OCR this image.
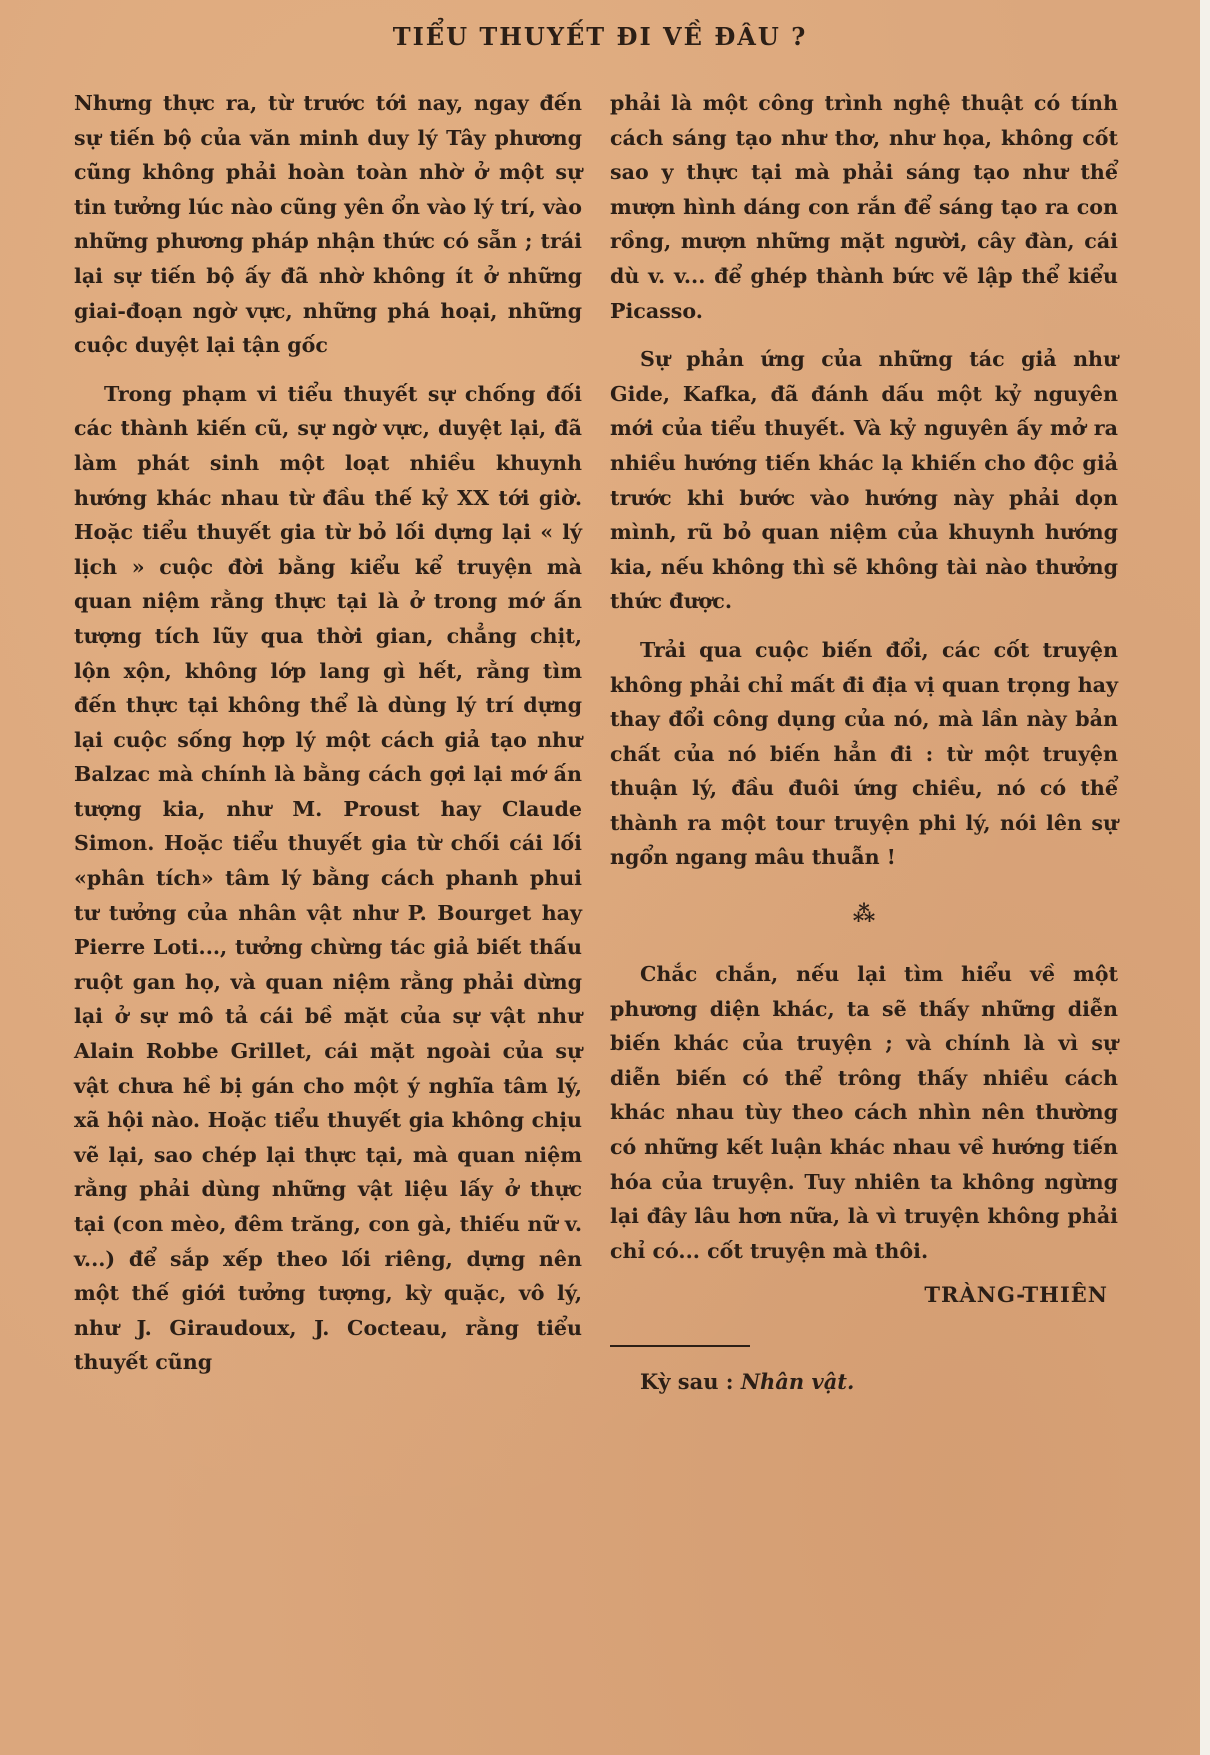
TIỂU THUYẾT ĐI VỀ ĐÂU ?

Nhưng thực ra, từ trước tới nay, ngay đến sự tiến bộ của văn minh duy lý Tây phương cũng không phải hoàn toàn nhờ ở một sự tin tưởng lúc nào cũng yên ổn vào lý trí, vào những phương pháp nhận thức có sẵn ; trái lại sự tiến bộ ấy đã nhờ không ít ở những giai-đoạn ngờ vực, những phá hoại, những cuộc duyệt lại tận gốc

Trong phạm vi tiểu thuyết sự chống đối các thành kiến cũ, sự ngờ vực, duyệt lại, đã làm phát sinh một loạt nhiều khuynh hướng khác nhau từ đầu thế kỷ XX tới giờ. Hoặc tiểu thuyết gia từ bỏ lối dựng lại « lý lịch » cuộc đời bằng kiểu kể truyện mà quan niệm rằng thực tại là ở trong mớ ấn tượng tích lũy qua thời gian, chẳng chịt, lộn xộn, không lớp lang gì hết, rằng tìm đến thực tại không thể là dùng lý trí dựng lại cuộc sống hợp lý một cách giả tạo như Balzac mà chính là bằng cách gợi lại mớ ấn tượng kia, như M. Proust hay Claude Simon. Hoặc tiểu thuyết gia từ chối cái lối «phân tích» tâm lý bằng cách phanh phui tư tưởng của nhân vật như P. Bourget hay Pierre Loti..., tưởng chừng tác giả biết thấu ruột gan họ, và quan niệm rằng phải dừng lại ở sự mô tả cái bề mặt của sự vật như Alain Robbe Grillet, cái mặt ngoài của sự vật chưa hề bị gán cho một ý nghĩa tâm lý, xã hội nào. Hoặc tiểu thuyết gia không chịu vẽ lại, sao chép lại thực tại, mà quan niệm rằng phải dùng những vật liệu lấy ở thực tại (con mèo, đêm trăng, con gà, thiếu nữ v. v...) để sắp xếp theo lối riêng, dựng nên một thế giới tưởng tượng, kỳ quặc, vô lý, như J. Giraudoux, J. Cocteau, rằng tiểu thuyết cũng

phải là một công trình nghệ thuật có tính cách sáng tạo như thơ, như họa, không cốt sao y thực tại mà phải sáng tạo như thể mượn hình dáng con rắn để sáng tạo ra con rồng, mượn những mặt người, cây đàn, cái dù v. v... để ghép thành bức vẽ lập thể kiểu Picasso.

Sự phản ứng của những tác giả như Gide, Kafka, đã đánh dấu một kỷ nguyên mới của tiểu thuyết. Và kỷ nguyên ấy mở ra nhiều hướng tiến khác lạ khiến cho độc giả trước khi bước vào hướng này phải dọn mình, rũ bỏ quan niệm của khuynh hướng kia, nếu không thì sẽ không tài nào thưởng thức được.

Trải qua cuộc biến đổi, các cốt truyện không phải chỉ mất đi địa vị quan trọng hay thay đổi công dụng của nó, mà lần này bản chất của nó biến hẳn đi : từ một truyện thuận lý, đầu đuôi ứng chiều, nó có thể thành ra một tour truyện phi lý, nói lên sự ngổn ngang mâu thuẫn !

⁂

Chắc chắn, nếu lại tìm hiểu về một phương diện khác, ta sẽ thấy những diễn biến khác của truyện ; và chính là vì sự diễn biến có thể trông thấy nhiều cách khác nhau tùy theo cách nhìn nên thường có những kết luận khác nhau về hướng tiến hóa của truyện. Tuy nhiên ta không ngừng lại đây lâu hơn nữa, là vì truyện không phải chỉ có... cốt truyện mà thôi.

TRÀNG-THIÊN
Kỳ sau : Nhân vật.
